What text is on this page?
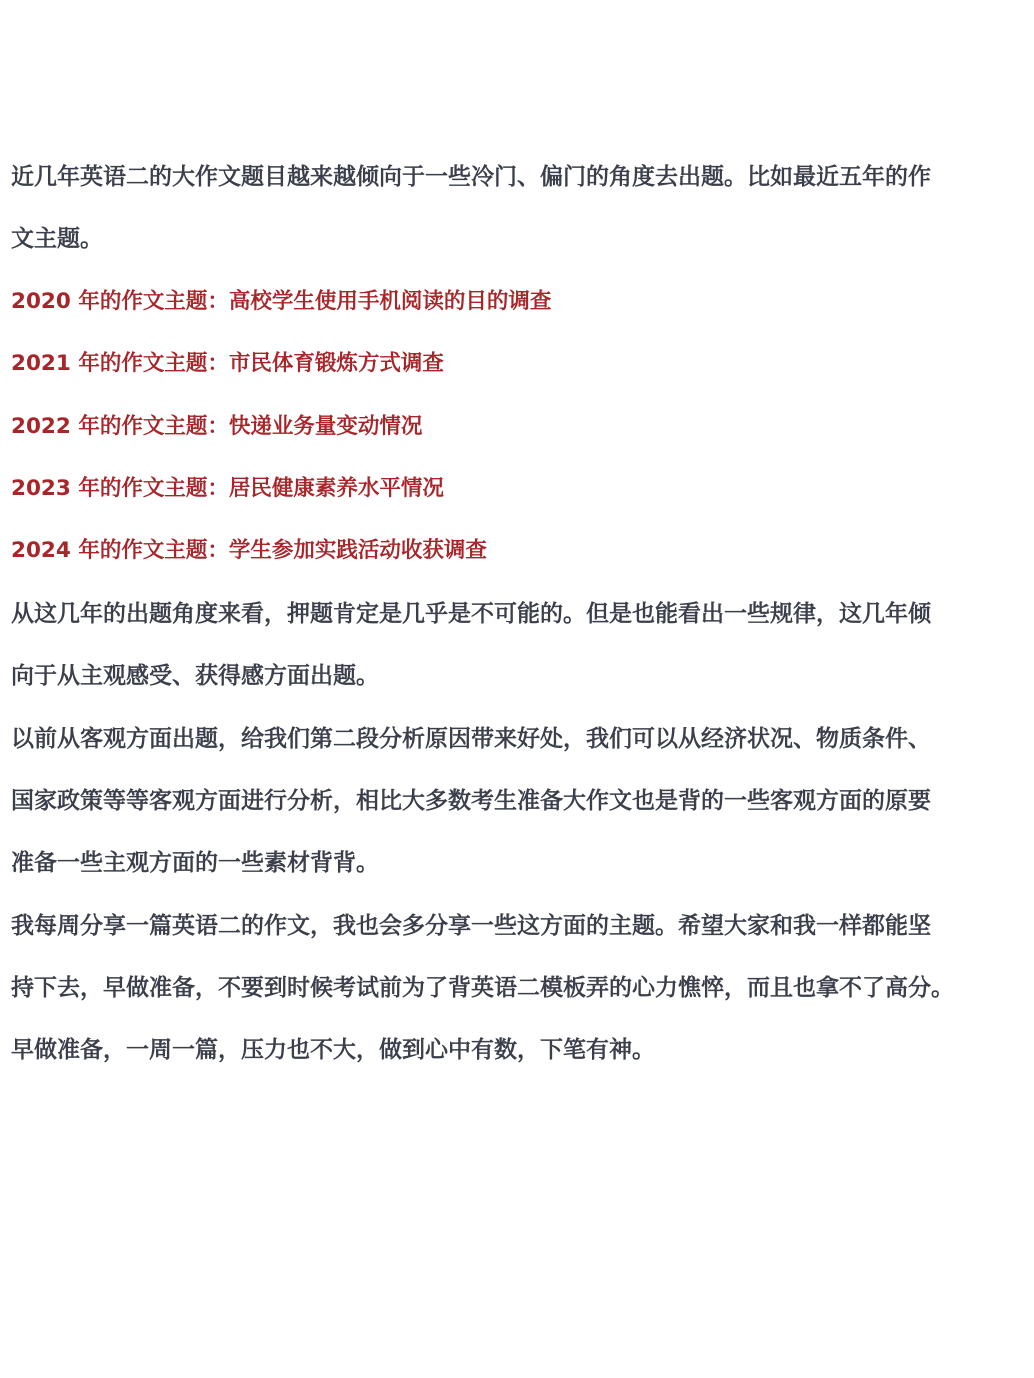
近几年英语二的大作文题目越来越倾向于一些冷门、偏门的角度去出题。比如最近五年的作
文主题。
2020 年的作文主题：高校学生使用手机阅读的目的调查
2021 年的作文主题：市民体育锻炼方式调查
2022 年的作文主题：快递业务量变动情况
2023 年的作文主题：居民健康素养水平情况
2024 年的作文主题：学生参加实践活动收获调查
从这几年的出题角度来看，押题肯定是几乎是不可能的。但是也能看出一些规律，这几年倾
向于从主观感受、获得感方面出题。
以前从客观方面出题，给我们第二段分析原因带来好处，我们可以从经济状况、物质条件、
国家政策等等客观方面进行分析，相比大多数考生准备大作文也是背的一些客观方面的原要
准备一些主观方面的一些素材背背。
我每周分享一篇英语二的作文，我也会多分享一些这方面的主题。希望大家和我一样都能坚
持下去，早做准备，不要到时候考试前为了背英语二模板弄的心力憔悴，而且也拿不了高分。
早做准备，一周一篇，压力也不大，做到心中有数，下笔有神。
